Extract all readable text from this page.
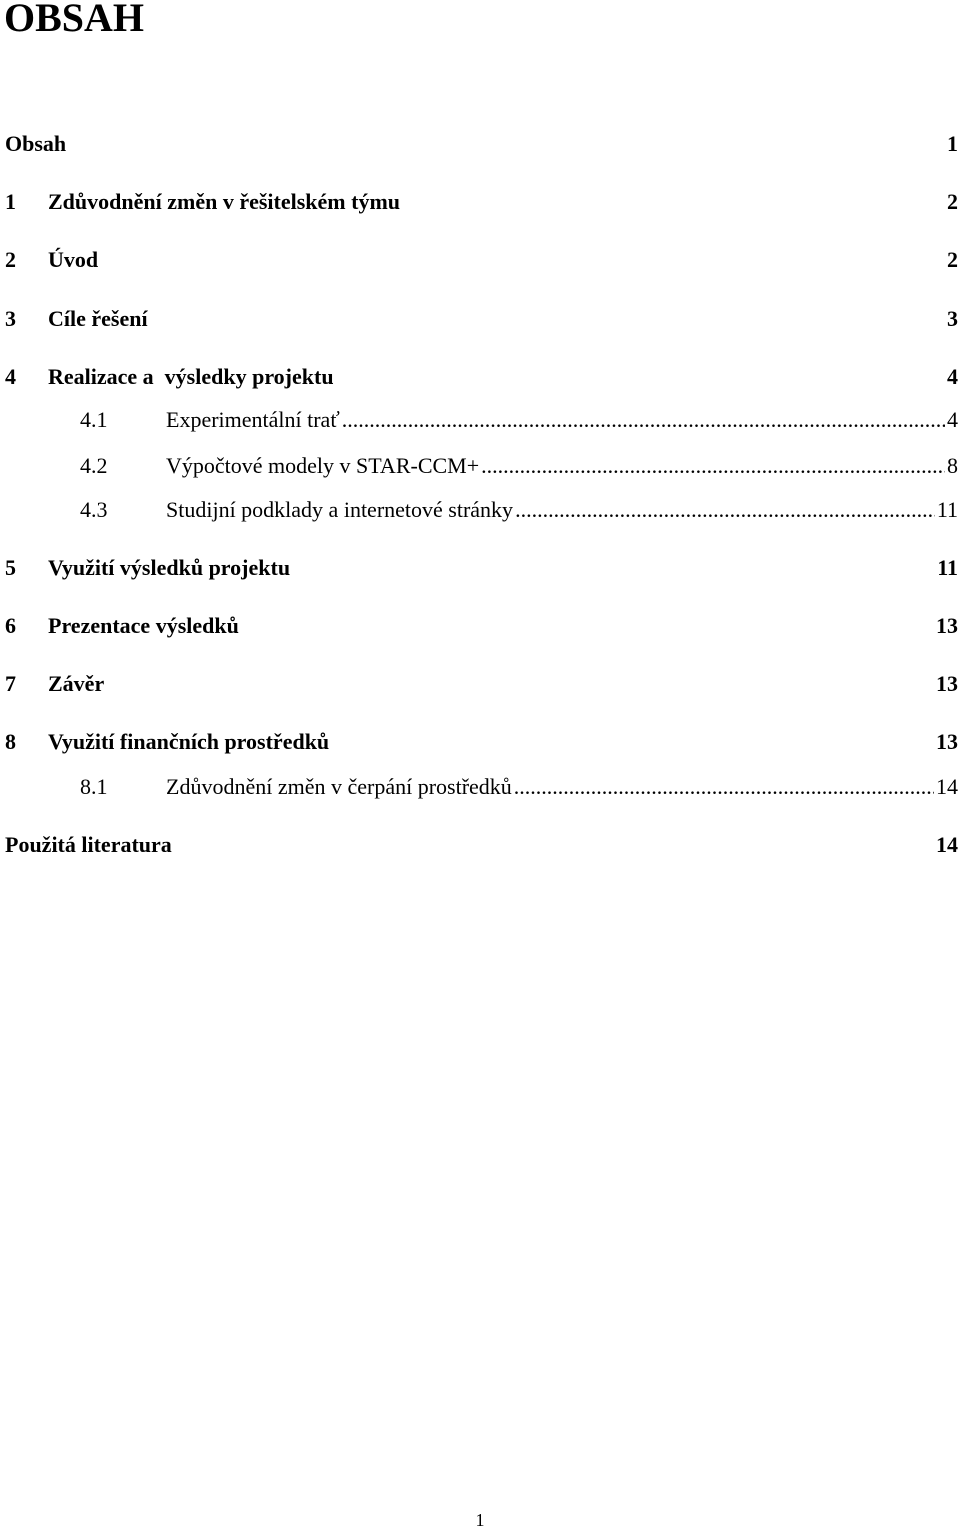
OBSAH
Obsah	1
1 Zdůvodnění změn v řešitelském týmu	2
2 Úvod	2
3 Cíle řešení	3
4 Realizace a  výsledky projektu	4
4.1	Experimentální trať .....	4
4.2	Výpočtové modely v STAR-CCM+ .....	8
4.3	Studijní podklady a internetové stránky .....	11
5 Využití výsledků projektu	11
6 Prezentace výsledků	13
7 Závěr	13
8 Využití finančních prostředků	13
8.1	Zdůvodnění změn v čerpání prostředků .....	14
Použitá literatura	14
1
